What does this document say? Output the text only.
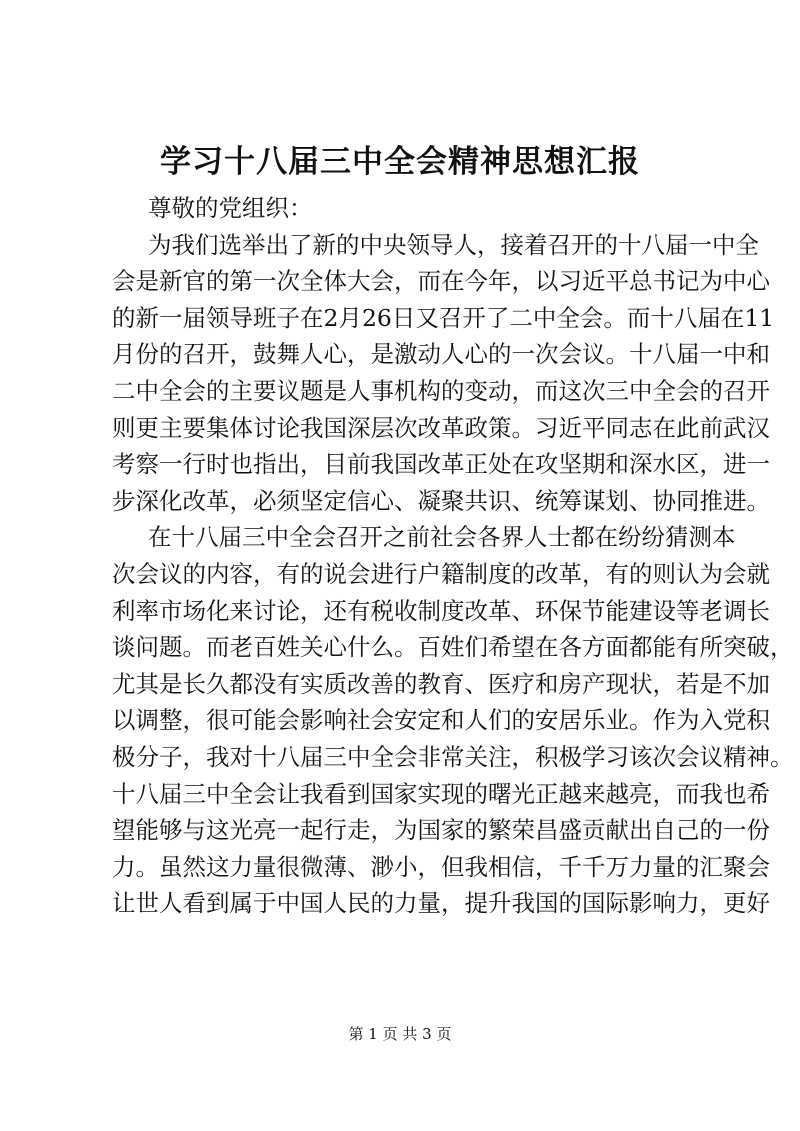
学习十八届三中全会精神思想汇报
尊敬的党组织：
为我们选举出了新的中央领导人，接着召开的十八届一中全
会是新官的第一次全体大会，而在今年，以习近平总书记为中心
的新一届领导班子在2月26日又召开了二中全会。而十八届在11
月份的召开，鼓舞人心，是激动人心的一次会议。十八届一中和
二中全会的主要议题是人事机构的变动，而这次三中全会的召开
则更主要集体讨论我国深层次改革政策。习近平同志在此前武汉
考察一行时也指出，目前我国改革正处在攻坚期和深水区，进一
步深化改革，必须坚定信心、凝聚共识、统筹谋划、协同推进。
在十八届三中全会召开之前社会各界人士都在纷纷猜测本
次会议的内容，有的说会进行户籍制度的改革，有的则认为会就
利率市场化来讨论，还有税收制度改革、环保节能建设等老调长
谈问题。而老百姓关心什么。百姓们希望在各方面都能有所突破，
尤其是长久都没有实质改善的教育、医疗和房产现状，若是不加
以调整，很可能会影响社会安定和人们的安居乐业。作为入党积
极分子，我对十八届三中全会非常关注，积极学习该次会议精神。
十八届三中全会让我看到国家实现的曙光正越来越亮，而我也希
望能够与这光亮一起行走，为国家的繁荣昌盛贡献出自己的一份
力。虽然这力量很微薄、渺小，但我相信，千千万力量的汇聚会
让世人看到属于中国人民的力量，提升我国的国际影响力，更好
第 1 页 共 3 页
